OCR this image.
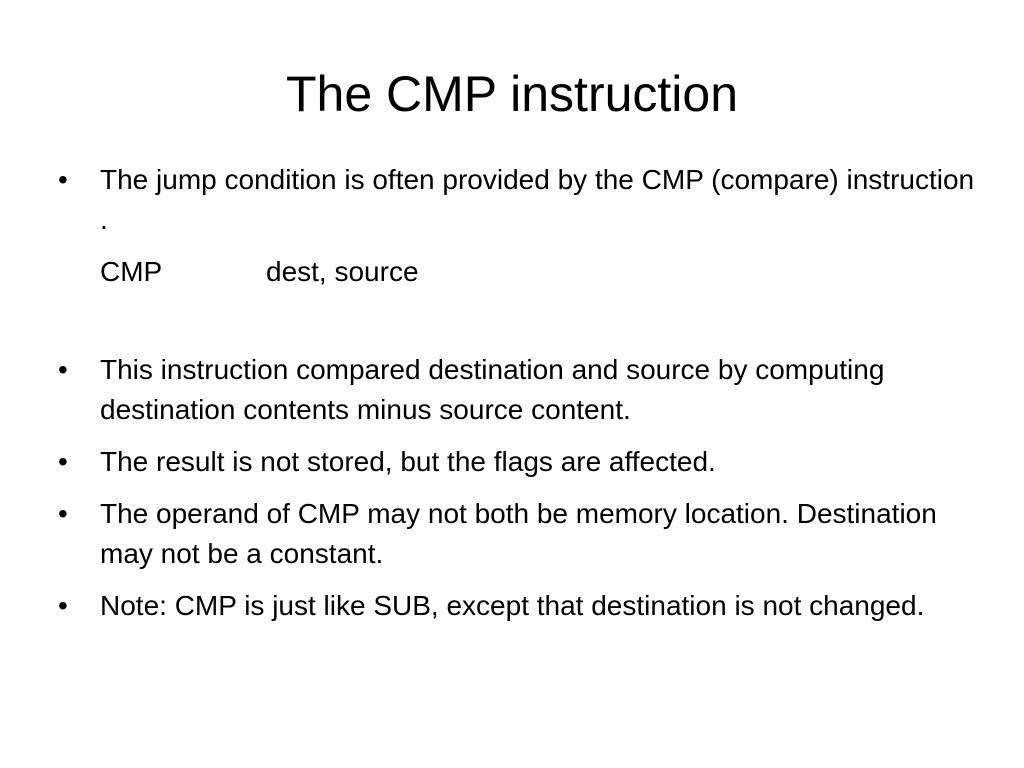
The CMP instruction
•	The jump condition is often provided by the CMP (compare) instruction .
CMP	dest, source
•	This instruction compared destination and source by computing destination contents minus source content.
•	The result is not stored, but the flags are affected.
•	The operand of CMP may not both be memory location. Destination may not be a constant.
•	Note: CMP is just like SUB, except that destination is not changed.
